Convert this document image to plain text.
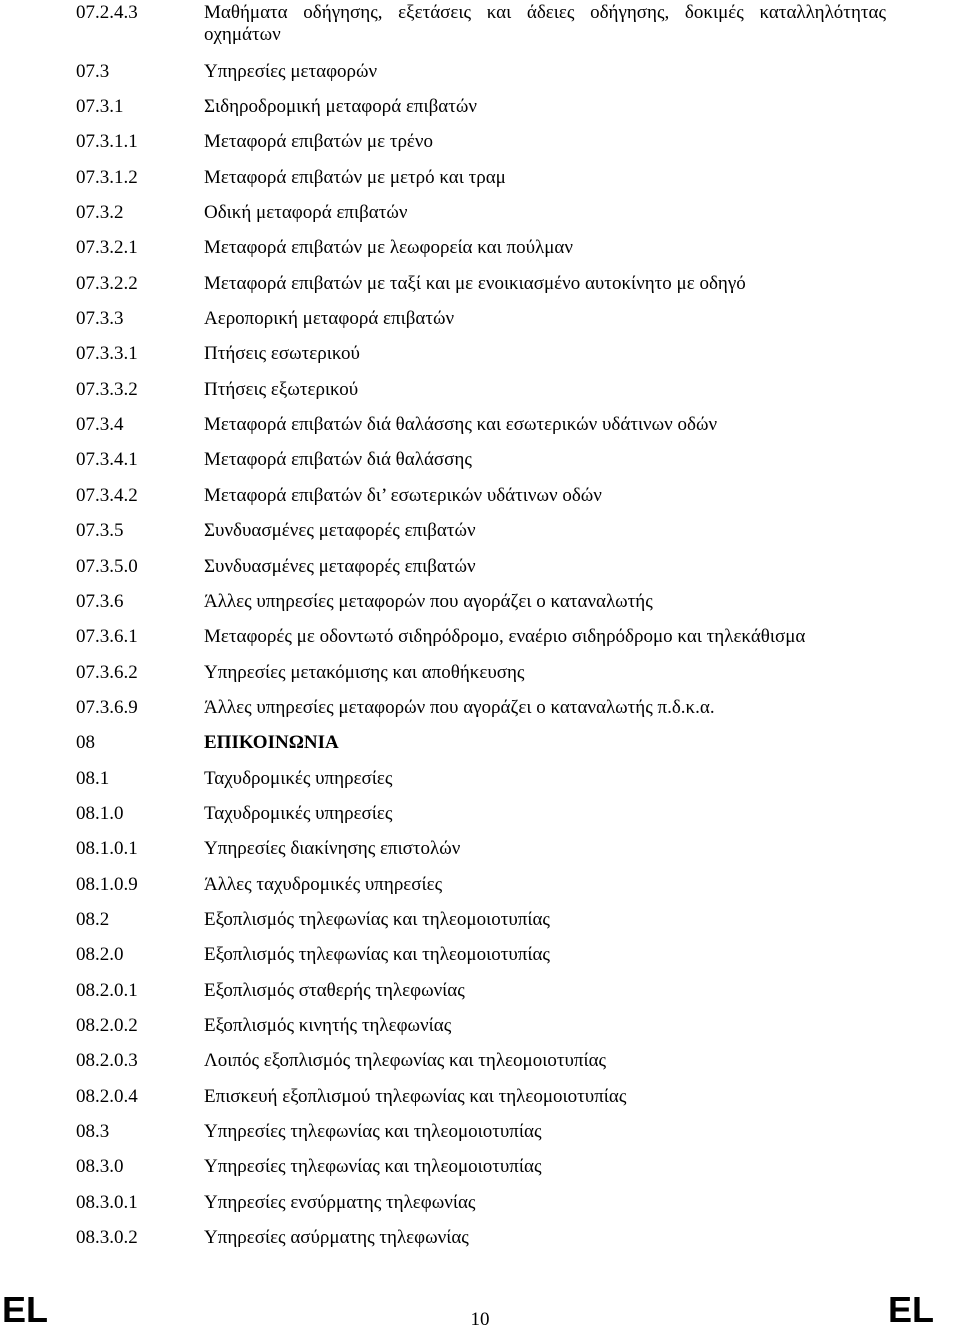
07.2.4.3	Μαθήματα οδήγησης, εξετάσεις και άδειες οδήγησης, δοκιμές καταλληλότητας οχημάτων
07.3	Υπηρεσίες μεταφορών
07.3.1	Σιδηροδρομική μεταφορά επιβατών
07.3.1.1	Μεταφορά επιβατών με τρένο
07.3.1.2	Μεταφορά επιβατών με μετρό και τραμ
07.3.2	Οδική μεταφορά επιβατών
07.3.2.1	Μεταφορά επιβατών με λεωφορεία και πούλμαν
07.3.2.2	Μεταφορά επιβατών με ταξί και με ενοικιασμένο αυτοκίνητο με οδηγό
07.3.3	Αεροπορική μεταφορά επιβατών
07.3.3.1	Πτήσεις εσωτερικού
07.3.3.2	Πτήσεις εξωτερικού
07.3.4	Μεταφορά επιβατών διά θαλάσσης και εσωτερικών υδάτινων οδών
07.3.4.1	Μεταφορά επιβατών διά θαλάσσης
07.3.4.2	Μεταφορά επιβατών δι’ εσωτερικών υδάτινων οδών
07.3.5	Συνδυασμένες μεταφορές επιβατών
07.3.5.0	Συνδυασμένες μεταφορές επιβατών
07.3.6	Άλλες υπηρεσίες μεταφορών που αγοράζει ο καταναλωτής
07.3.6.1	Μεταφορές με οδοντωτό σιδηρόδρομο, εναέριο σιδηρόδρομο και τηλεκάθισμα
07.3.6.2	Υπηρεσίες μετακόμισης και αποθήκευσης
07.3.6.9	Άλλες υπηρεσίες μεταφορών που αγοράζει ο καταναλωτής π.δ.κ.α.
08	ΕΠΙΚΟΙΝΩΝΙΑ
08.1	Ταχυδρομικές υπηρεσίες
08.1.0	Ταχυδρομικές υπηρεσίες
08.1.0.1	Υπηρεσίες διακίνησης επιστολών
08.1.0.9	Άλλες ταχυδρομικές υπηρεσίες
08.2	Εξοπλισμός τηλεφωνίας και τηλεομοιοτυπίας
08.2.0	Εξοπλισμός τηλεφωνίας και τηλεομοιοτυπίας
08.2.0.1	Εξοπλισμός σταθερής τηλεφωνίας
08.2.0.2	Εξοπλισμός κινητής τηλεφωνίας
08.2.0.3	Λοιπός εξοπλισμός τηλεφωνίας και τηλεομοιοτυπίας
08.2.0.4	Επισκευή εξοπλισμού τηλεφωνίας και τηλεομοιοτυπίας
08.3	Υπηρεσίες τηλεφωνίας και τηλεομοιοτυπίας
08.3.0	Υπηρεσίες τηλεφωνίας και τηλεομοιοτυπίας
08.3.0.1	Υπηρεσίες ενσύρματης τηλεφωνίας
08.3.0.2	Υπηρεσίες ασύρματης τηλεφωνίας
EL	10	EL
